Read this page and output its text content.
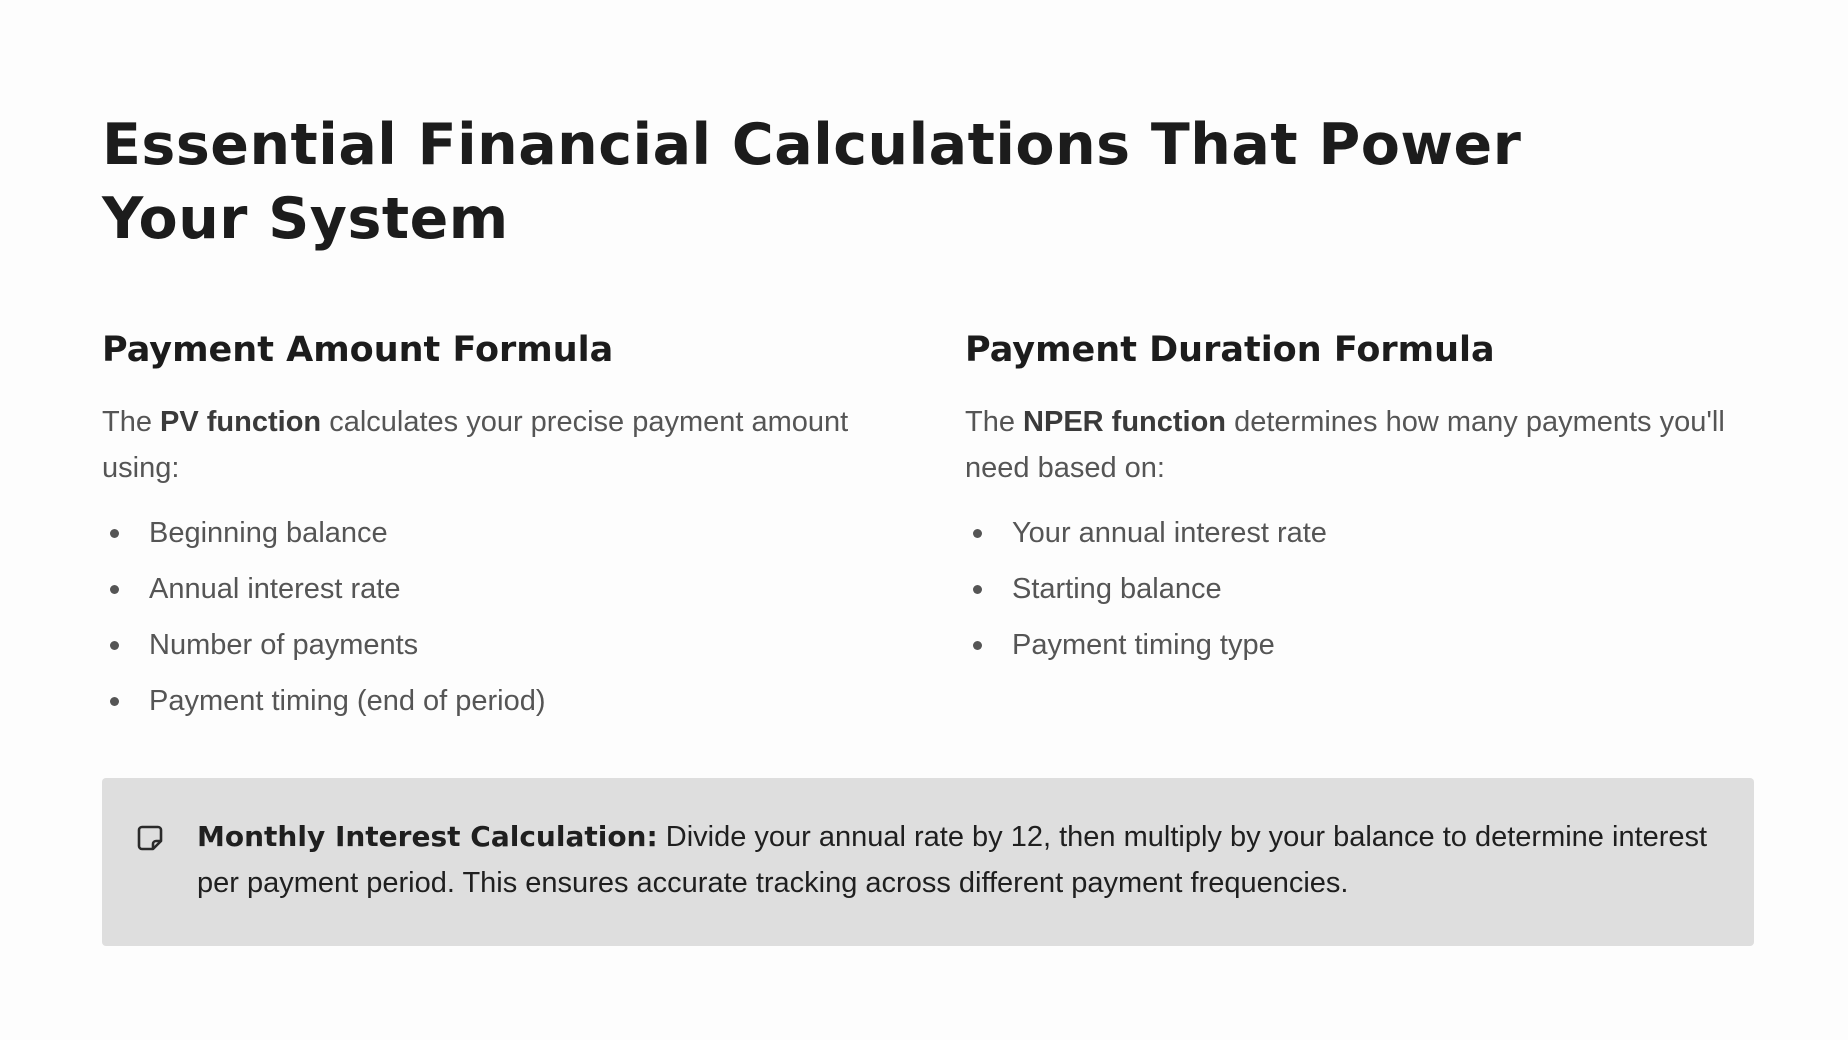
Essential Financial Calculations That Power Your System
Payment Amount Formula

The PV function calculates your precise payment amount using:

Beginning balance
Annual interest rate
Number of payments
Payment timing (end of period)
Payment Duration Formula

The NPER function determines how many payments you'll need based on:

Your annual interest rate
Starting balance
Payment timing type
Monthly Interest Calculation: Divide your annual rate by 12, then multiply by your balance to determine interest per payment period. This ensures accurate tracking across different payment frequencies.
